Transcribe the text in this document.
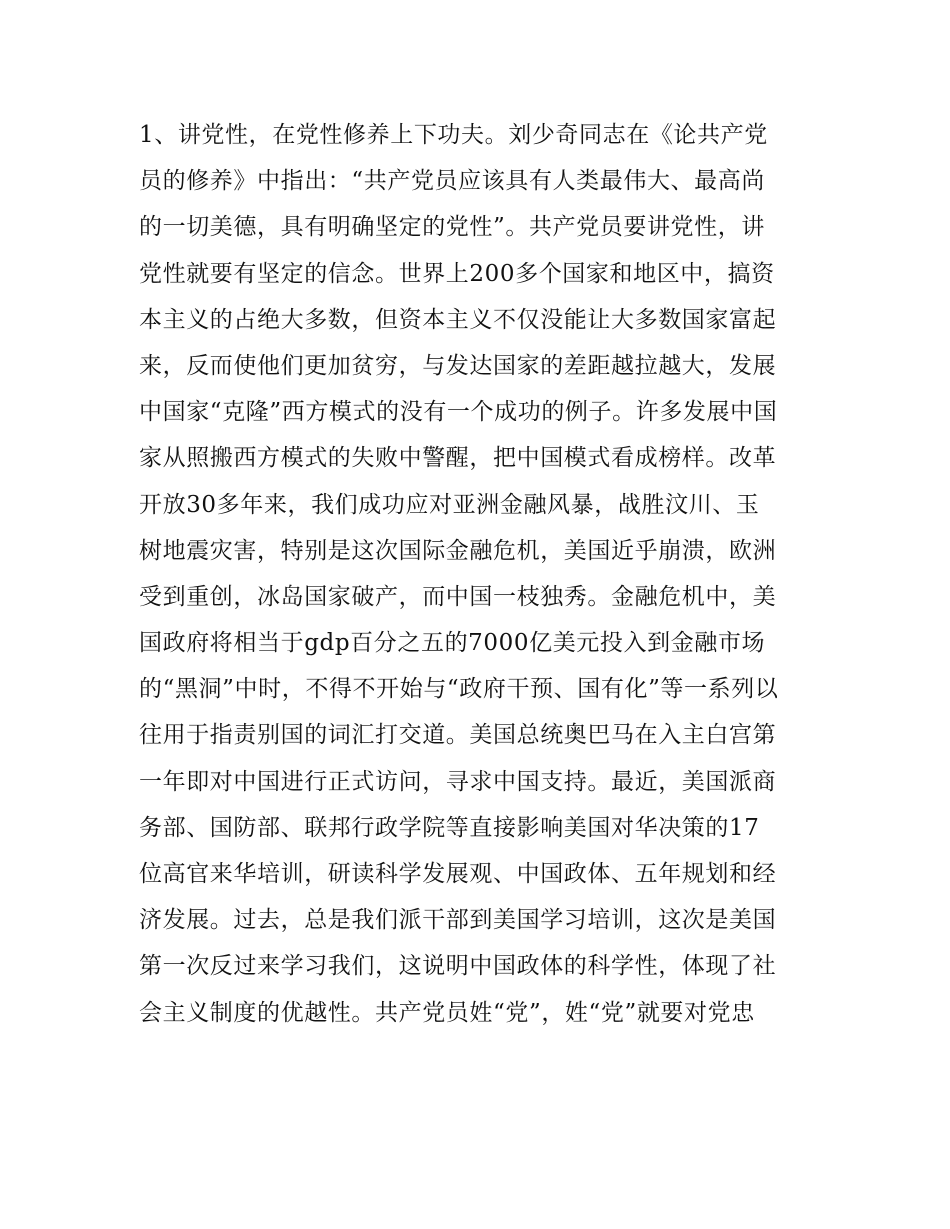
1、讲党性，在党性修养上下功夫。刘少奇同志在《论共产党
员的修养》中指出：“共产党员应该具有人类最伟大、最高尚
的一切美德，具有明确坚定的党性”。共产党员要讲党性，讲
党性就要有坚定的信念。世界上200多个国家和地区中，搞资
本主义的占绝大多数，但资本主义不仅没能让大多数国家富起
来，反而使他们更加贫穷，与发达国家的差距越拉越大，发展
中国家“克隆”西方模式的没有一个成功的例子。许多发展中国
家从照搬西方模式的失败中警醒，把中国模式看成榜样。改革
开放30多年来，我们成功应对亚洲金融风暴，战胜汶川、玉
树地震灾害，特别是这次国际金融危机，美国近乎崩溃，欧洲
受到重创，冰岛国家破产，而中国一枝独秀。金融危机中，美
国政府将相当于gdp百分之五的7000亿美元投入到金融市场
的“黑洞”中时，不得不开始与“政府干预、国有化”等一系列以
往用于指责别国的词汇打交道。美国总统奥巴马在入主白宫第
一年即对中国进行正式访问，寻求中国支持。最近，美国派商
务部、国防部、联邦行政学院等直接影响美国对华决策的17
位高官来华培训，研读科学发展观、中国政体、五年规划和经
济发展。过去，总是我们派干部到美国学习培训，这次是美国
第一次反过来学习我们，这说明中国政体的科学性，体现了社
会主义制度的优越性。共产党员姓“党”，姓“党”就要对党忠
